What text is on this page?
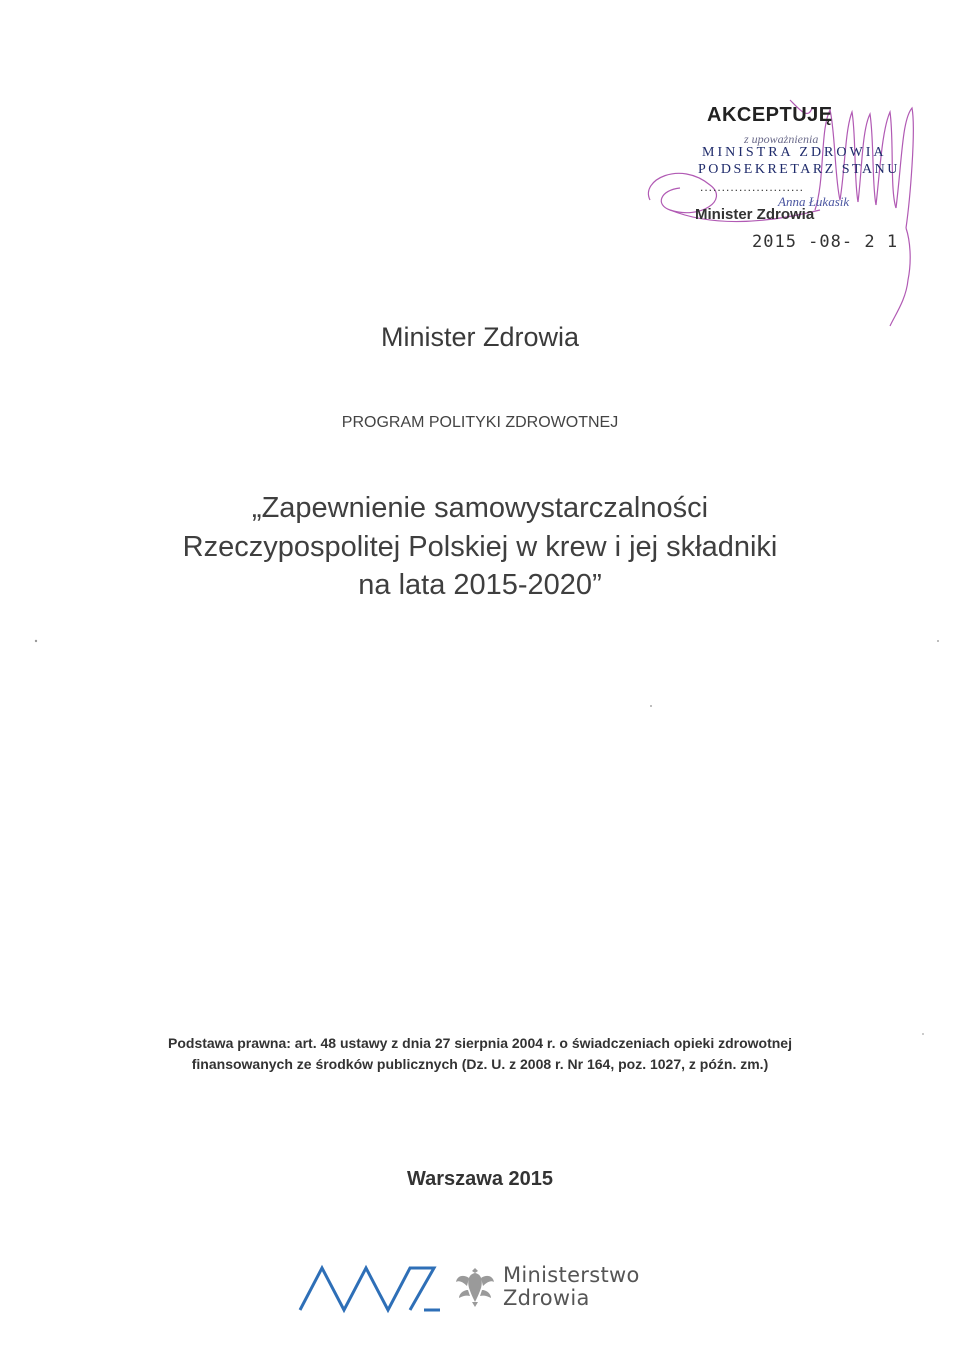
AKCEPTUJĘ
z upoważnienia
MINISTRA ZDROWIA
PODSEKRETARZ STANU
........................
Anna Łukasik
Minister Zdrowia
2015 -08- 2 1
Minister Zdrowia
PROGRAM POLITYKI ZDROWOTNEJ
„Zapewnienie samowystarczalności
Rzeczypospolitej Polskiej w krew i jej składniki
na lata 2015-2020”
Podstawa prawna: art. 48 ustawy z dnia 27 sierpnia 2004 r. o świadczeniach opieki zdrowotnej
finansowanych ze środków publicznych (Dz. U. z 2008 r. Nr 164, poz. 1027, z późn. zm.)
Warszawa 2015
Ministerstwo
Zdrowia
